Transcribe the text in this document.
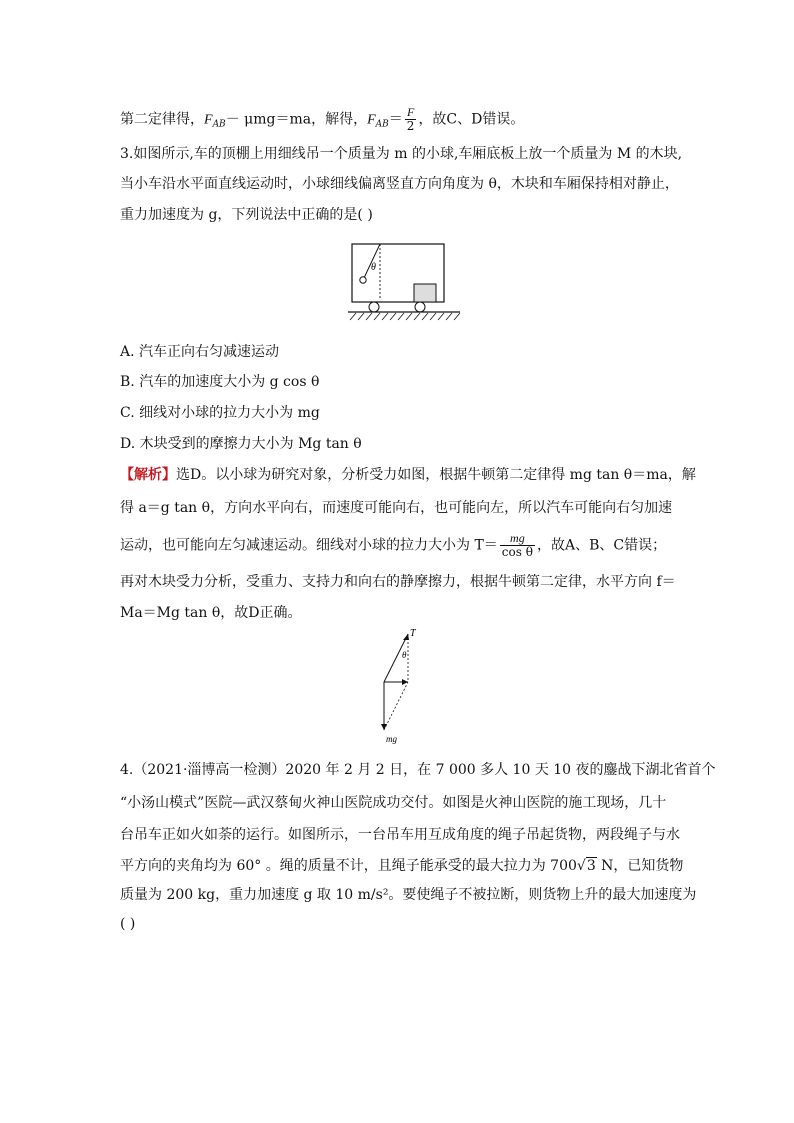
第二定律得，$F_{AB}- \mu mg=ma$，解得，$F_{AB}= \frac{F}{2}$ ，故C、D错误。
3.如图所示,车的顶棚上用细线吊一个质量为 m 的小球,车厢底板上放一个质量为 M 的木块,
当小车沿水平面直线运动时，小球细线偏离竖直方向角度为 θ，木块和车厢保持相对静止，
重力加速度为 g，下列说法中正确的是( )
θ
A. 汽车正向右匀减速运动
B. 汽车的加速度大小为 g cos θ
C. 细线对小球的拉力大小为 mg
D. 木块受到的摩擦力大小为 Mg tan θ
【解析】选D。以小球为研究对象，分析受力如图，根据牛顿第二定律得 mg tan θ＝ma，解
得 a＝g tan θ，方向水平向右，而速度可能向右，也可能向左，所以汽车可能向右匀加速
运动，也可能向左匀减速运动。细线对小球的拉力大小为 $T= \frac{mg}{\text{cos θ}}$ ，故A、B、C错误；
再对木块受力分析，受重力、支持力和向右的静摩擦力，根据牛顿第二定律，水平方向 f＝
Ma＝Mg tan θ，故D正确。
T
θ
mg
4.（2021·淄博高一检测）2020 年 2 月 2 日，在 7 000 多人 10 天 10 夜的鏖战下湖北省首个
“小汤山模式”医院—武汉蔡甸火神山医院成功交付。如图是火神山医院的施工现场，几十
台吊车正如火如荼的运行。如图所示，一台吊车用互成角度的绳子吊起货物，两段绳子与水
平方向的夹角均为 60° 。绳的质量不计，且绳子能承受的最大拉力为 700√3 N，已知货物
质量为 200 kg，重力加速度 g 取 10 m/s²。要使绳子不被拉断，则货物上升的最大加速度为
( )
